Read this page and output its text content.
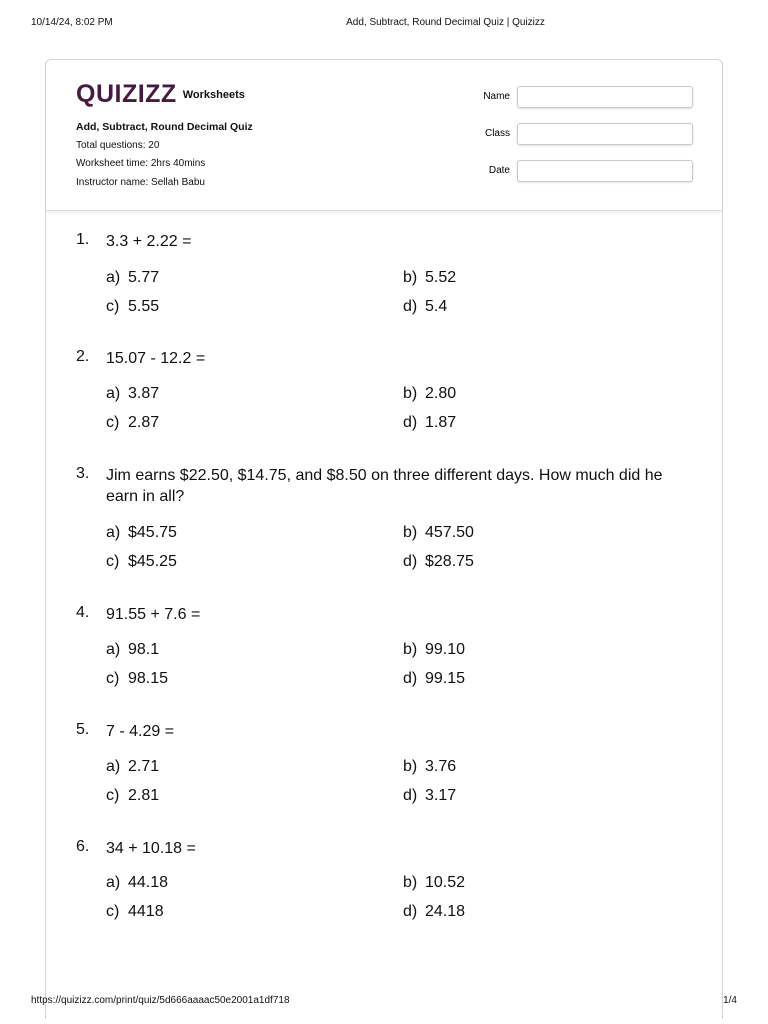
10/14/24, 8:02 PM	Add, Subtract, Round Decimal Quiz | Quizizz
QUIZIZZ Worksheets
Add, Subtract, Round Decimal Quiz
Total questions: 20
Worksheet time: 2hrs 40mins
Instructor name: Sellah Babu
Name
Class
Date
1.	3.3 + 2.22 =
a) 5.77	b) 5.52
c) 5.55	d) 5.4
2.	15.07 - 12.2 =
a) 3.87	b) 2.80
c) 2.87	d) 1.87
3.	Jim earns $22.50, $14.75, and $8.50 on three different days. How much did he earn in all?
a) $45.75	b) 457.50
c) $45.25	d) $28.75
4.	91.55 + 7.6 =
a) 98.1	b) 99.10
c) 98.15	d) 99.15
5.	7 - 4.29 =
a) 2.71	b) 3.76
c) 2.81	d) 3.17
6.	34 + 10.18 =
a) 44.18	b) 10.52
c) 4418	d) 24.18
https://quizizz.com/print/quiz/5d666aaaac50e2001a1df718	1/4
